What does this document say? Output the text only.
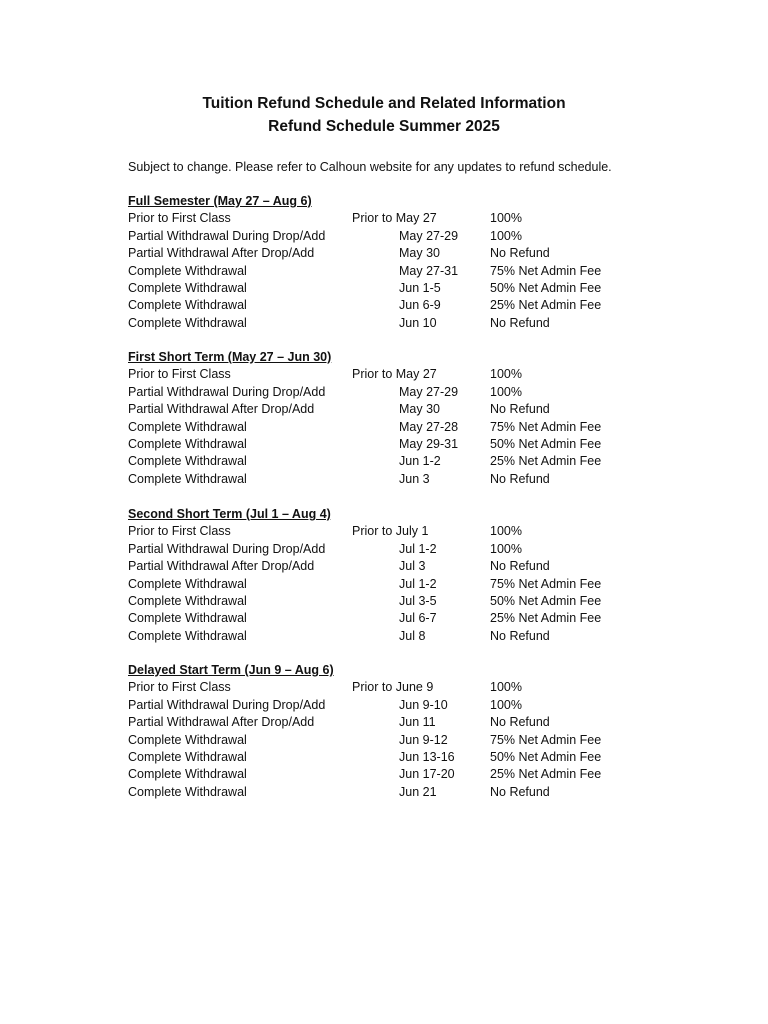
Tuition Refund Schedule and Related Information
Refund Schedule Summer 2025
Subject to change. Please refer to Calhoun website for any updates to refund schedule.
Full Semester (May 27 – Aug 6)
Prior to First Class	Prior to May 27	100%
Partial Withdrawal During Drop/Add	May 27-29	100%
Partial Withdrawal After Drop/Add	May 30	No Refund
Complete Withdrawal	May 27-31	75% Net Admin Fee
Complete Withdrawal	Jun 1-5	50% Net Admin Fee
Complete Withdrawal	Jun 6-9	25% Net Admin Fee
Complete Withdrawal	Jun 10	No Refund
First Short Term (May 27 – Jun 30)
Prior to First Class	Prior to May 27	100%
Partial Withdrawal During Drop/Add	May 27-29	100%
Partial Withdrawal After Drop/Add	May 30	No Refund
Complete Withdrawal	May 27-28	75% Net Admin Fee
Complete Withdrawal	May 29-31	50% Net Admin Fee
Complete Withdrawal	Jun 1-2	25% Net Admin Fee
Complete Withdrawal	Jun 3	No Refund
Second Short Term (Jul 1 – Aug 4)
Prior to First Class	Prior to July 1	100%
Partial Withdrawal During Drop/Add	Jul 1-2	100%
Partial Withdrawal After Drop/Add	Jul 3	No Refund
Complete Withdrawal	Jul 1-2	75% Net Admin Fee
Complete Withdrawal	Jul 3-5	50% Net Admin Fee
Complete Withdrawal	Jul 6-7	25% Net Admin Fee
Complete Withdrawal	Jul 8	No Refund
Delayed Start Term (Jun 9 – Aug 6)
Prior to First Class	Prior to June 9	100%
Partial Withdrawal During Drop/Add	Jun 9-10	100%
Partial Withdrawal After Drop/Add	Jun 11	No Refund
Complete Withdrawal	Jun 9-12	75% Net Admin Fee
Complete Withdrawal	Jun 13-16	50% Net Admin Fee
Complete Withdrawal	Jun 17-20	25% Net Admin Fee
Complete Withdrawal	Jun 21	No Refund
